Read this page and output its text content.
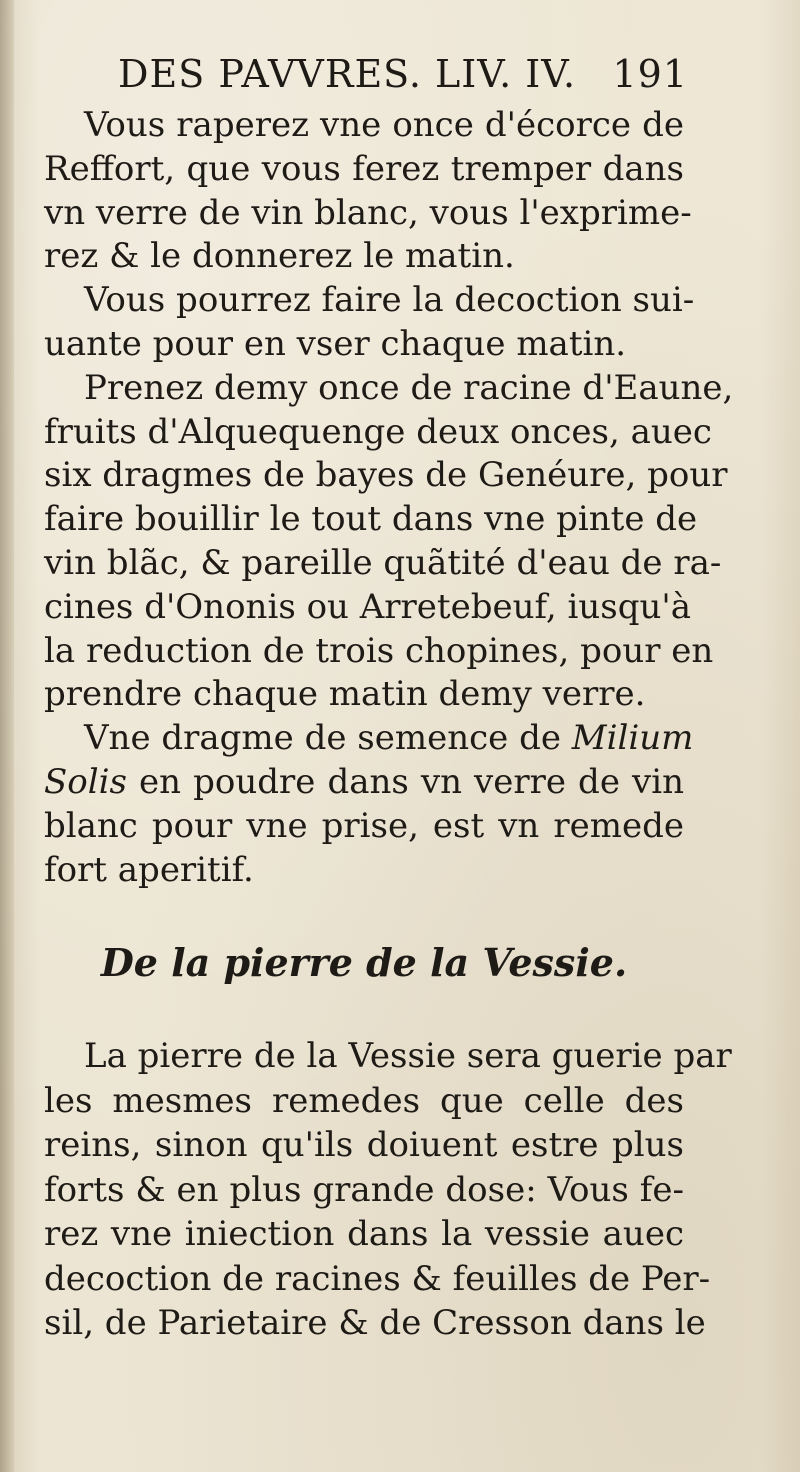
DES PAVVRES. LIV. IV. 191
Vous raperez vne once d'écorce de
Reffort, que vous ferez tremper dans
vn verre de vin blanc, vous l'exprime-
rez & le donnerez le matin.
Vous pourrez faire la decoction sui-
uante pour en vser chaque matin.
Prenez demy once de racine d'Eaune,
fruits d'Alquequenge deux onces, auec
six dragmes de bayes de Genéure, pour
faire bouillir le tout dans vne pinte de
vin blãc, & pareille quãtité d'eau de ra-
cines d'Ononis ou Arretebeuf, iusqu'à
la reduction de trois chopines, pour en
prendre chaque matin demy verre.
Vne dragme de semence de Milium
Solis en poudre dans vn verre de vin
blanc pour vne prise, est vn remede
fort aperitif.
De la pierre de la Vessie.
La pierre de la Vessie sera guerie par
les mesmes remedes que celle des
reins, sinon qu'ils doiuent estre plus
forts & en plus grande dose: Vous fe-
rez vne iniection dans la vessie auec
decoction de racines & feuilles de Per-
sil, de Parietaire & de Cresson dans le
